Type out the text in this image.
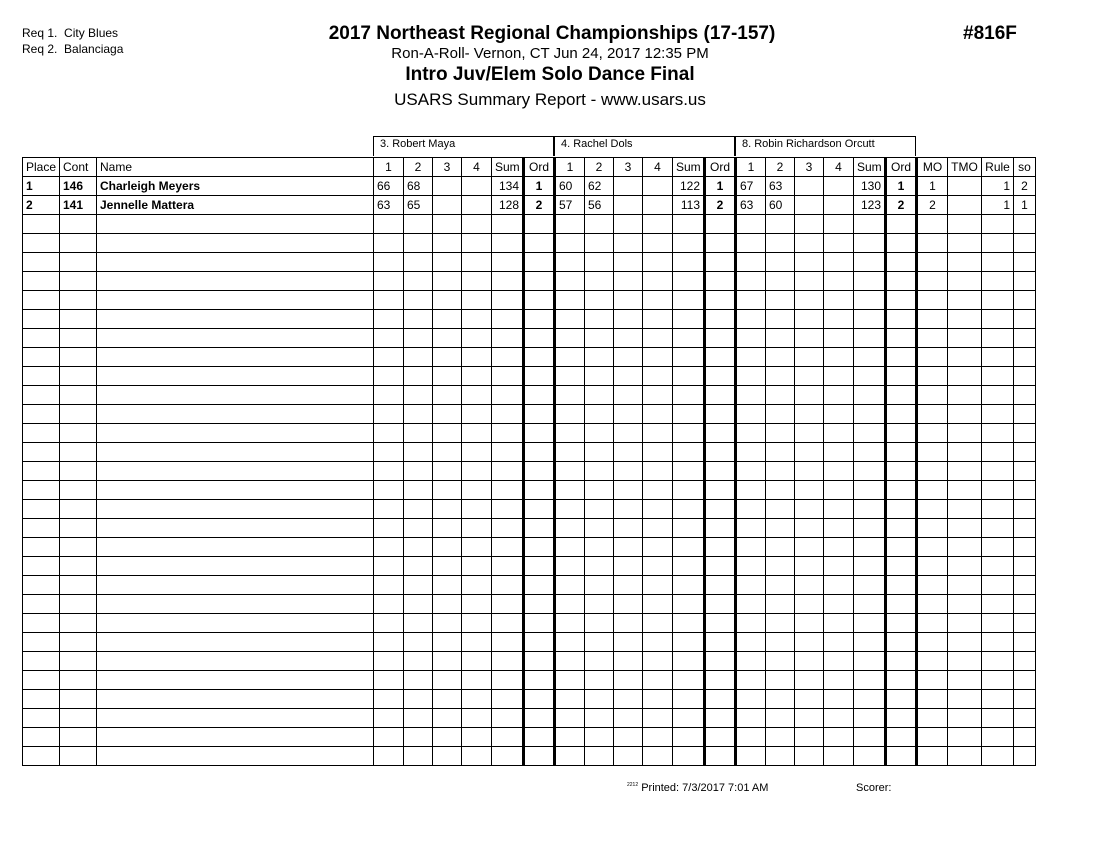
Req 1.  City Blues
Req 2.  Balanciaga
2017 Northeast Regional Championships (17-157)
Ron-A-Roll- Vernon, CT Jun 24, 2017 12:35 PM
Intro Juv/Elem Solo Dance Final
USARS Summary Report - www.usars.us
#816F
3. Robert Maya	4. Rachel Dols	8. Robin Richardson Orcutt
Place	Cont	Name	1	2	3	4	Sum	Ord	1	2	3	4	Sum	Ord	1	2	3	4	Sum	Ord	MO	TMO	Rule	so
1	146	Charleigh Meyers	66	68			134	1	60	62			122	1	67	63			130	1	1		1	2
2	141	Jennelle Mattera	63	65			128	2	57	56			113	2	63	60			123	2	2		1	1

$^{2212}$ Printed: 7/3/2017 7:01 AM	Scorer:
